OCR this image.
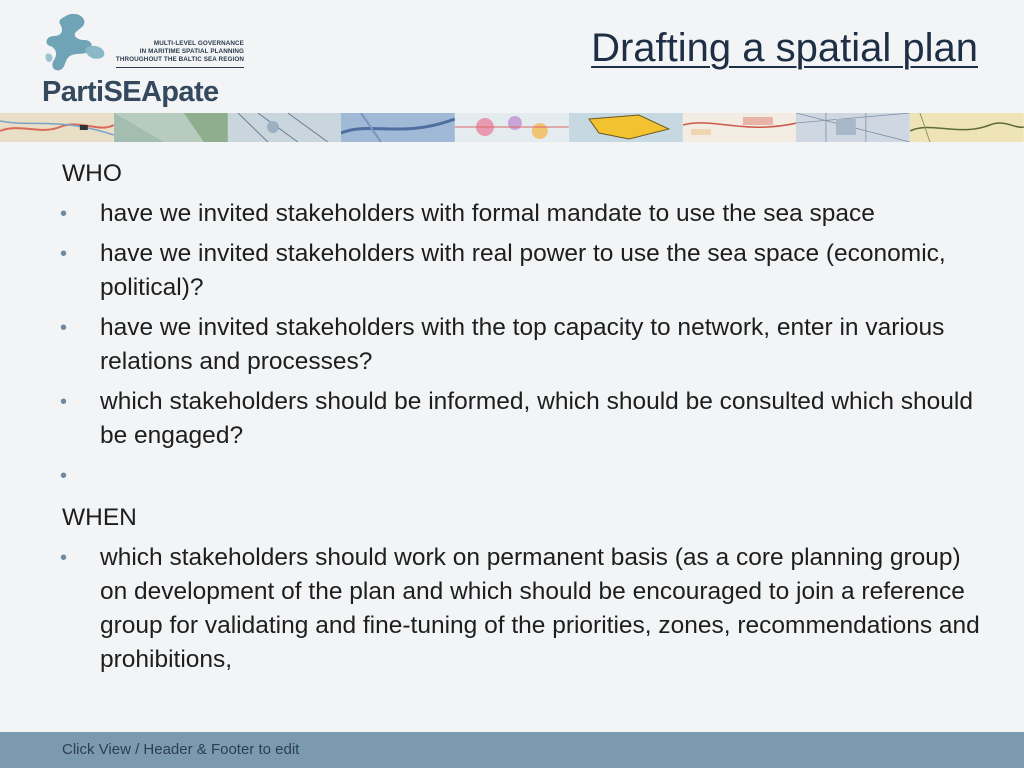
MULTI-LEVEL GOVERNANCE
IN MARITIME SPATIAL PLANNING
THROUGHOUT THE BALTIC SEA REGION
PartiSEApate
Drafting a spatial plan
WHO
• have we invited stakeholders with formal mandate to use the sea space
• have we invited stakeholders with real power to use the sea space (economic, political)?
• have we invited stakeholders with the top capacity to network, enter in various relations and processes?
• which stakeholders should be informed, which should be consulted which should be engaged?
•
WHEN
• which stakeholders should work on permanent basis (as a core planning group) on development of the plan and which should be encouraged to join a reference group for validating and fine-tuning of the priorities, zones, recommendations and prohibitions,
Click View / Header & Footer to edit
